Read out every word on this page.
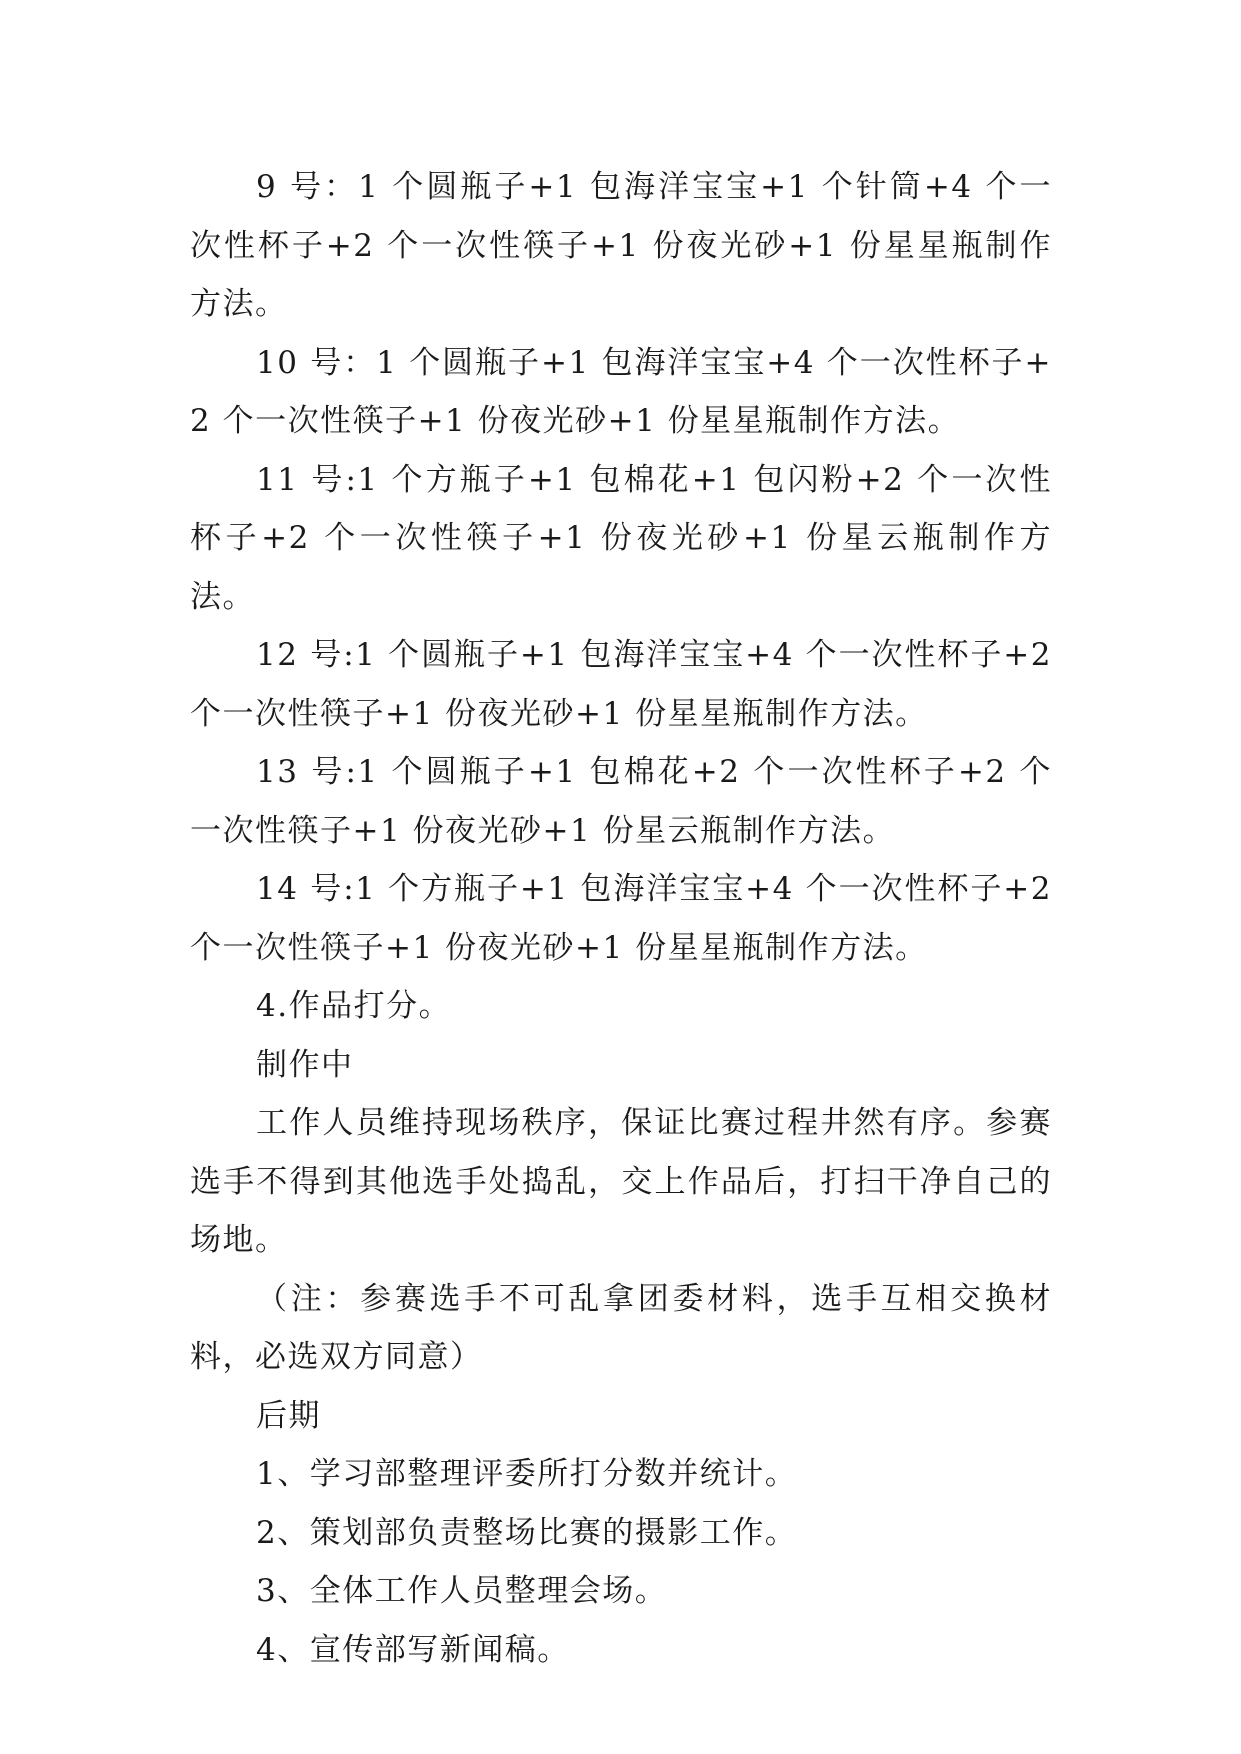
9 号：1 个圆瓶子+1 包海洋宝宝+1 个针筒+4 个一次性杯子+2 个一次性筷子+1 份夜光砂+1 份星星瓶制作方法。

10 号：1 个圆瓶子+1 包海洋宝宝+4 个一次性杯子+2 个一次性筷子+1 份夜光砂+1 份星星瓶制作方法。

11 号:1 个方瓶子+1 包棉花+1 包闪粉+2 个一次性杯子+2 个一次性筷子+1 份夜光砂+1 份星云瓶制作方法。

12 号:1 个圆瓶子+1 包海洋宝宝+4 个一次性杯子+2 个一次性筷子+1 份夜光砂+1 份星星瓶制作方法。

13 号:1 个圆瓶子+1 包棉花+2 个一次性杯子+2 个一次性筷子+1 份夜光砂+1 份星云瓶制作方法。

14 号:1 个方瓶子+1 包海洋宝宝+4 个一次性杯子+2 个一次性筷子+1 份夜光砂+1 份星星瓶制作方法。

4.作品打分。

制作中

工作人员维持现场秩序，保证比赛过程井然有序。参赛选手不得到其他选手处捣乱，交上作品后，打扫干净自己的场地。

（注：参赛选手不可乱拿团委材料，选手互相交换材料，必选双方同意）

后期

1、学习部整理评委所打分数并统计。

2、策划部负责整场比赛的摄影工作。

3、全体工作人员整理会场。

4、宣传部写新闻稿。
